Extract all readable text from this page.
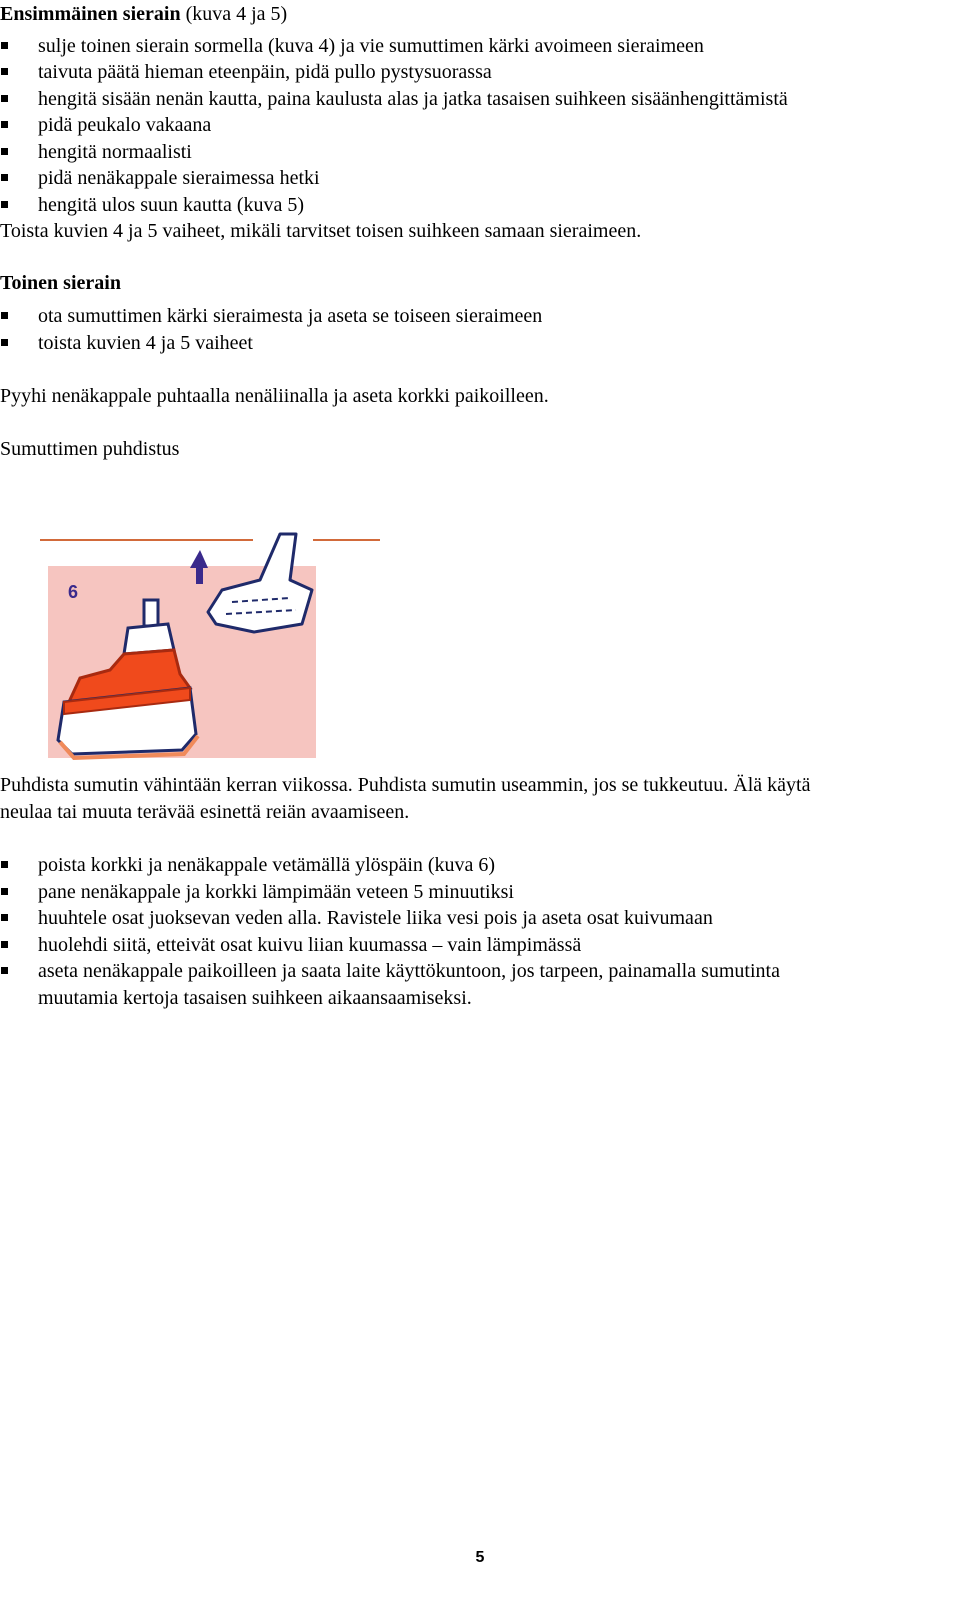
Ensimmäinen sierain (kuva 4 ja 5)
sulje toinen sierain sormella (kuva 4) ja vie sumuttimen kärki avoimeen sieraimeen
taivuta päätä hieman eteenpäin, pidä pullo pystysuorassa
hengitä sisään nenän kautta, paina kaulusta alas ja jatka tasaisen suihkeen sisäänhengittämistä
pidä peukalo vakaana
hengitä normaalisti
pidä nenäkappale sieraimessa hetki
hengitä ulos suun kautta (kuva 5)
Toista kuvien 4 ja 5 vaiheet, mikäli tarvitset toisen suihkeen samaan sieraimeen.
Toinen sierain
ota sumuttimen kärki sieraimesta ja aseta se toiseen sieraimeen
toista kuvien 4 ja 5 vaiheet
Pyyhi nenäkappale puhtaalla nenäliinalla ja aseta korkki paikoilleen.
Sumuttimen puhdistus
6
Puhdista sumutin vähintään kerran viikossa. Puhdista sumutin useammin, jos se tukkeutuu. Älä käytä
neulaa tai muuta terävää esinettä reiän avaamiseen.
poista korkki ja nenäkappale vetämällä ylöspäin (kuva 6)
pane nenäkappale ja korkki lämpimään veteen 5 minuutiksi
huuhtele osat juoksevan veden alla. Ravistele liika vesi pois ja aseta osat kuivumaan
huolehdi siitä, etteivät osat kuivu liian kuumassa – vain lämpimässä
aseta nenäkappale paikoilleen ja saata laite käyttökuntoon, jos tarpeen, painamalla sumutinta
muutamia kertoja tasaisen suihkeen aikaansaamiseksi.
5
